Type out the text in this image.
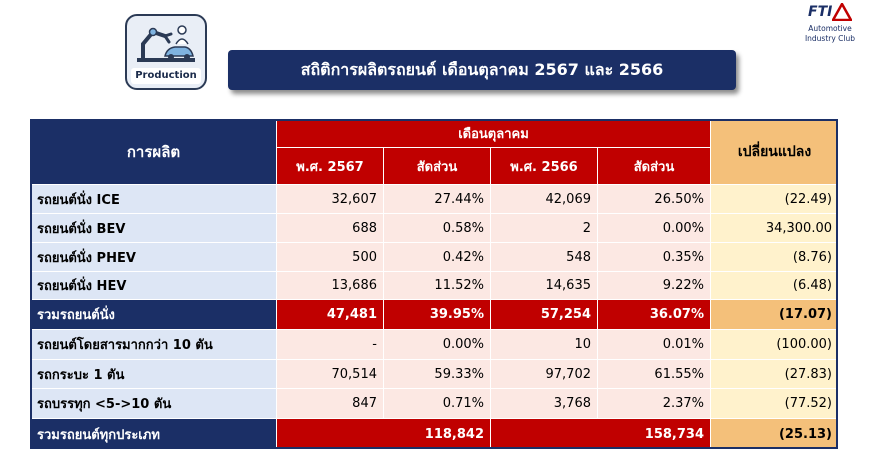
Production	สถิติการผลิตรถยนต์ เดือนตุลาคม 2567 และ 2566
FTI
Automotive
Industry Club
การผลิต	เดือนตุลาคม				เปลี่ยนแปลง
	พ.ศ. 2567	สัดส่วน	พ.ศ. 2566	สัดส่วน	
รถยนต์นั่ง ICE	32,607	27.44%	42,069	26.50%	(22.49)
รถยนต์นั่ง BEV	688	0.58%	2	0.00%	34,300.00
รถยนต์นั่ง PHEV	500	0.42%	548	0.35%	(8.76)
รถยนต์นั่ง HEV	13,686	11.52%	14,635	9.22%	(6.48)
รวมรถยนต์นั่ง	47,481	39.95%	57,254	36.07%	(17.07)
รถยนต์โดยสารมากกว่า 10 ตัน	-	0.00%	10	0.01%	(100.00)
รถกระบะ 1 ตัน	70,514	59.33%	97,702	61.55%	(27.83)
รถบรรทุก <5->10 ตัน	847	0.71%	3,768	2.37%	(77.52)
รวมรถยนต์ทุกประเภท	118,842		158,734		(25.13)
